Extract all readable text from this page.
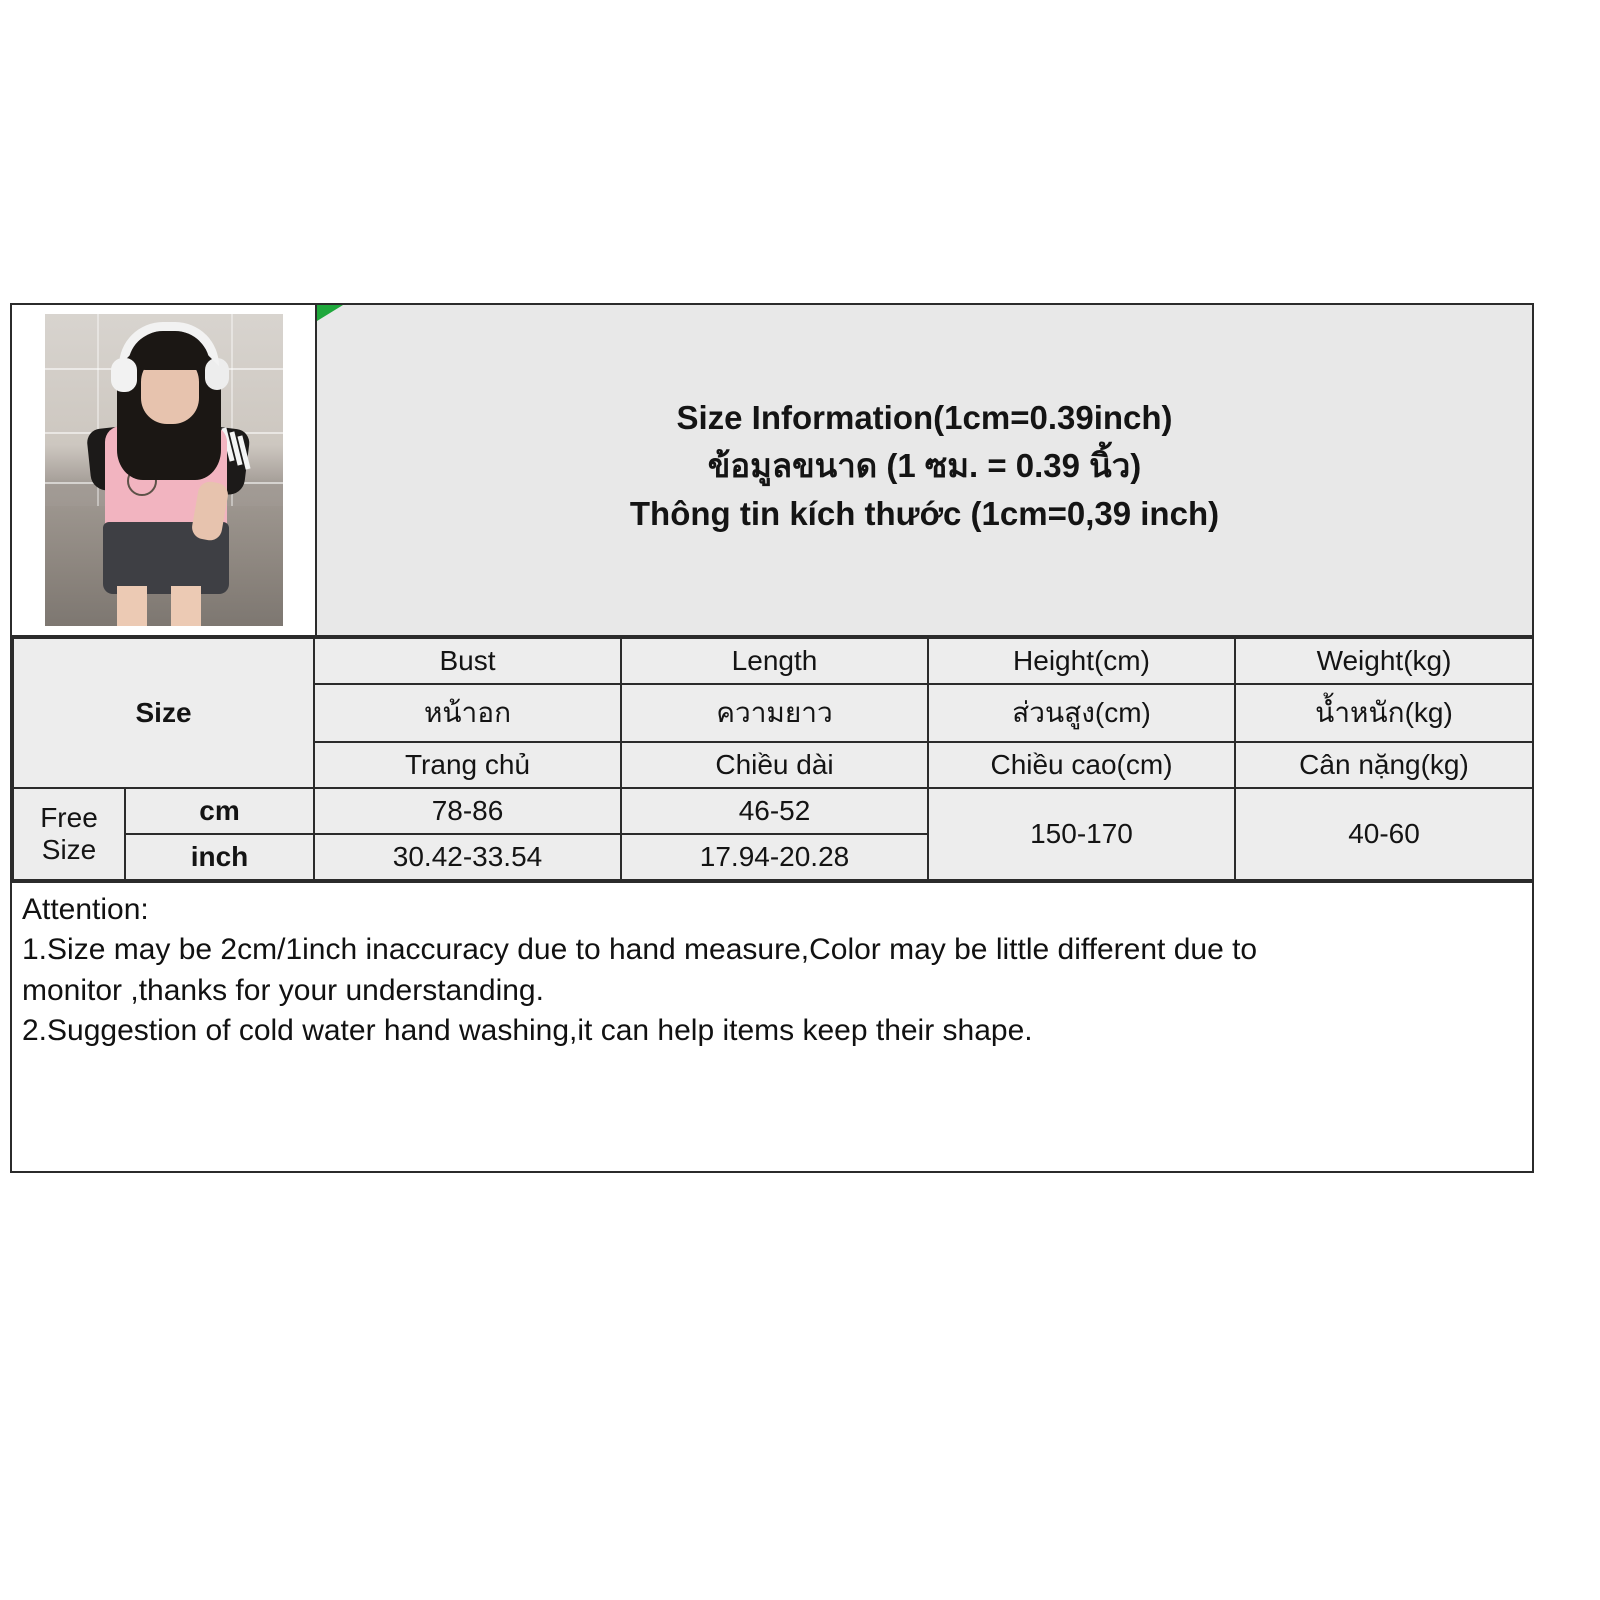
Size Information(1cm=0.39inch)
ข้อมูลขนาด (1 ซม. = 0.39 นิ้ว)
Thông tin kích thước (1cm=0,39 inch)
Size		Bust	Length	Height(cm)	Weight(kg)
		หน้าอก	ความยาว	ส่วนสูง(cm)	น้ำหนัก(kg)
		Trang chủ	Chiều dài	Chiều cao(cm)	Cân nặng(kg)
Free Size	cm	78-86	46-52	150-170	40-60
	inch	30.42-33.54	17.94-20.28		

Attention:

1.Size may be 2cm/1inch inaccuracy due to hand measure,Color may be little different due to

monitor ,thanks for your understanding.

2.Suggestion of cold water hand washing,it can help items keep their shape.
